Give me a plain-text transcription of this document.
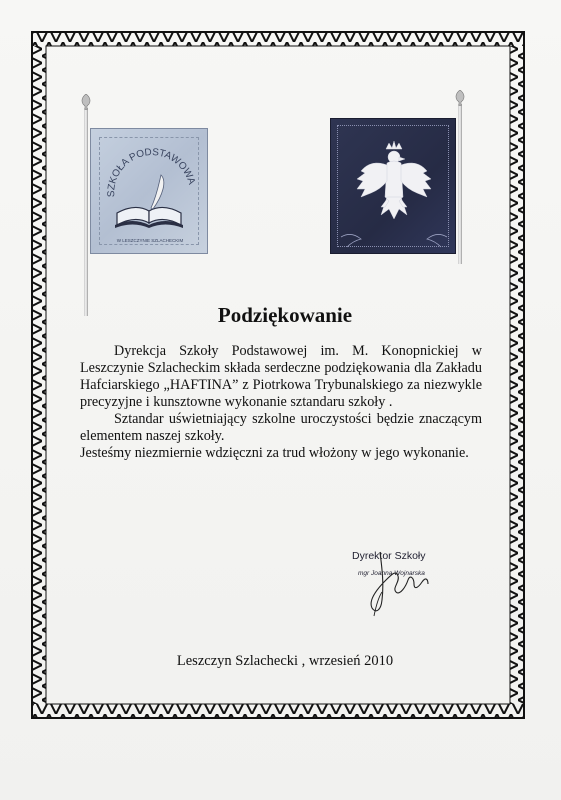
SZKOŁA PODSTAWOWA
W LESZCZYNIE SZLACHECKIM
Podziękowanie

Dyrekcja Szkoły Podstawowej im. M. Konopnickiej w Leszczynie Szlacheckim składa serdeczne podziękowania dla Zakładu Hafciarskiego „HAFTINA” z Piotrkowa Trybunalskiego za niezwykle precyzyjne i kunsztowne wykonanie sztandaru szkoły .

Sztandar uświetniający szkolne uroczystości będzie znaczącym elementem naszej szkoły.

Jesteśmy niezmiernie wdzięczni za trud włożony w jego wykonanie.

Dyrektor Szkoły
mgr Joanna Wojnarska
Leszczyn Szlachecki , wrzesień 2010
